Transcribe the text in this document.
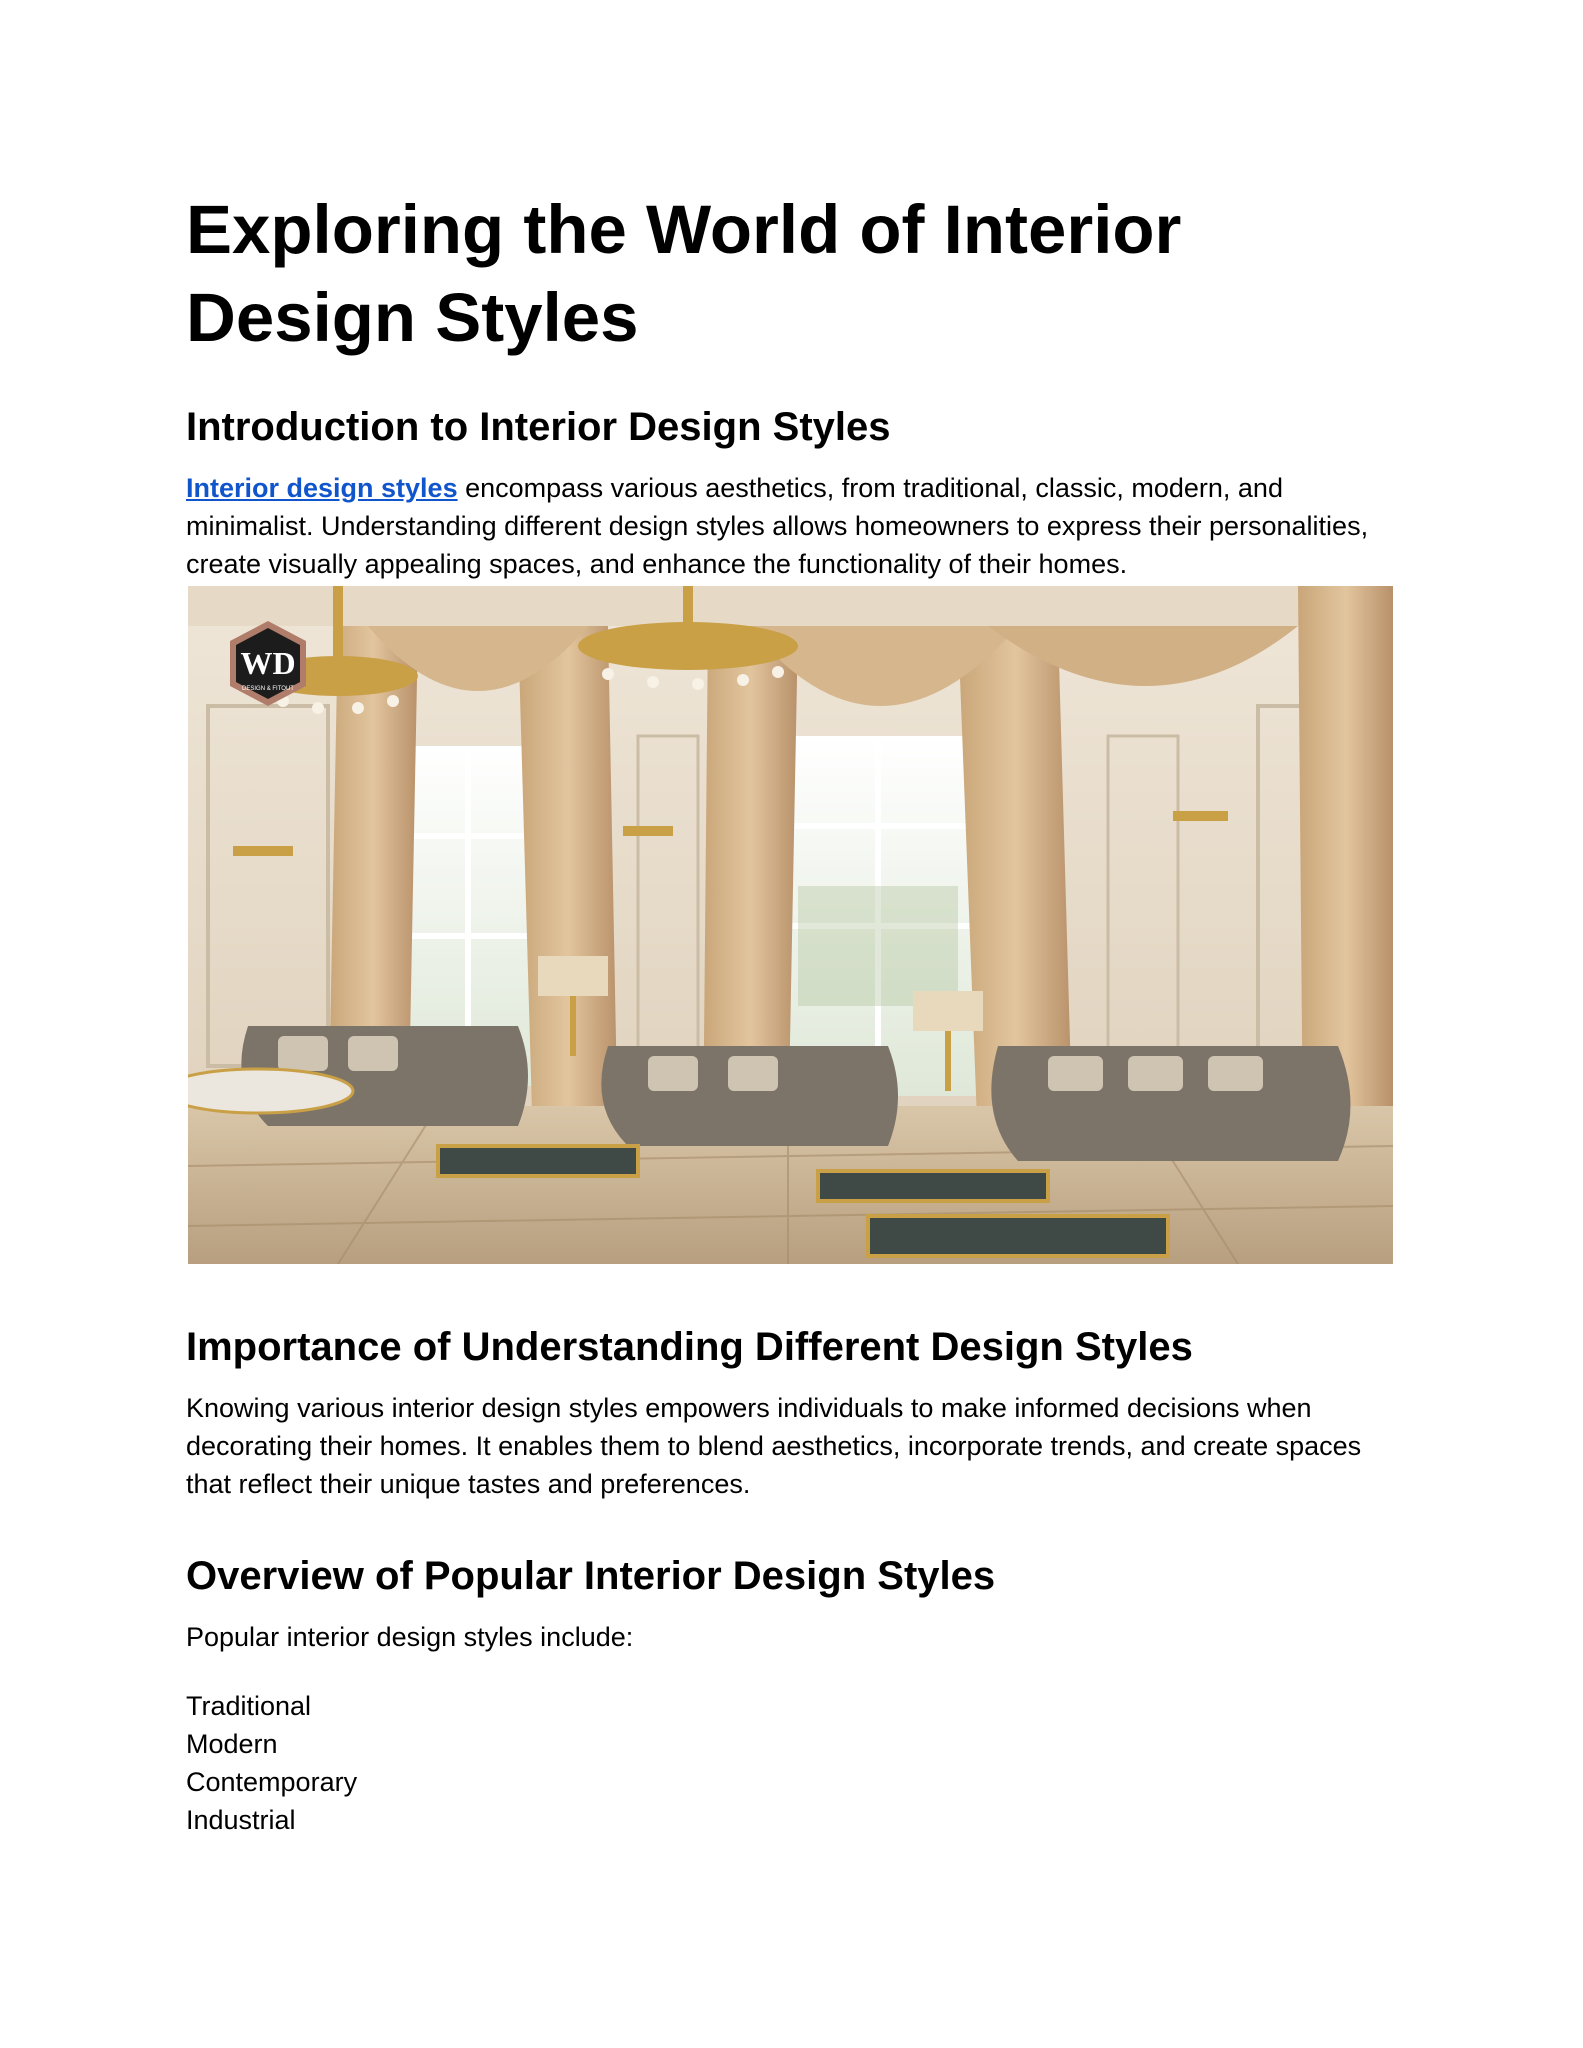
Exploring the World of Interior Design Styles
Introduction to Interior Design Styles

Interior design styles encompass various aesthetics, from traditional, classic, modern, and minimalist. Understanding different design styles allows homeowners to express their personalities, create visually appealing spaces, and enhance the functionality of their homes.

WD
DESIGN & FITOUT
Importance of Understanding Different Design Styles

Knowing various interior design styles empowers individuals to make informed decisions when decorating their homes. It enables them to blend aesthetics, incorporate trends, and create spaces that reflect their unique tastes and preferences.

Overview of Popular Interior Design Styles

Popular interior design styles include:

Traditional
Modern
Contemporary
Industrial
